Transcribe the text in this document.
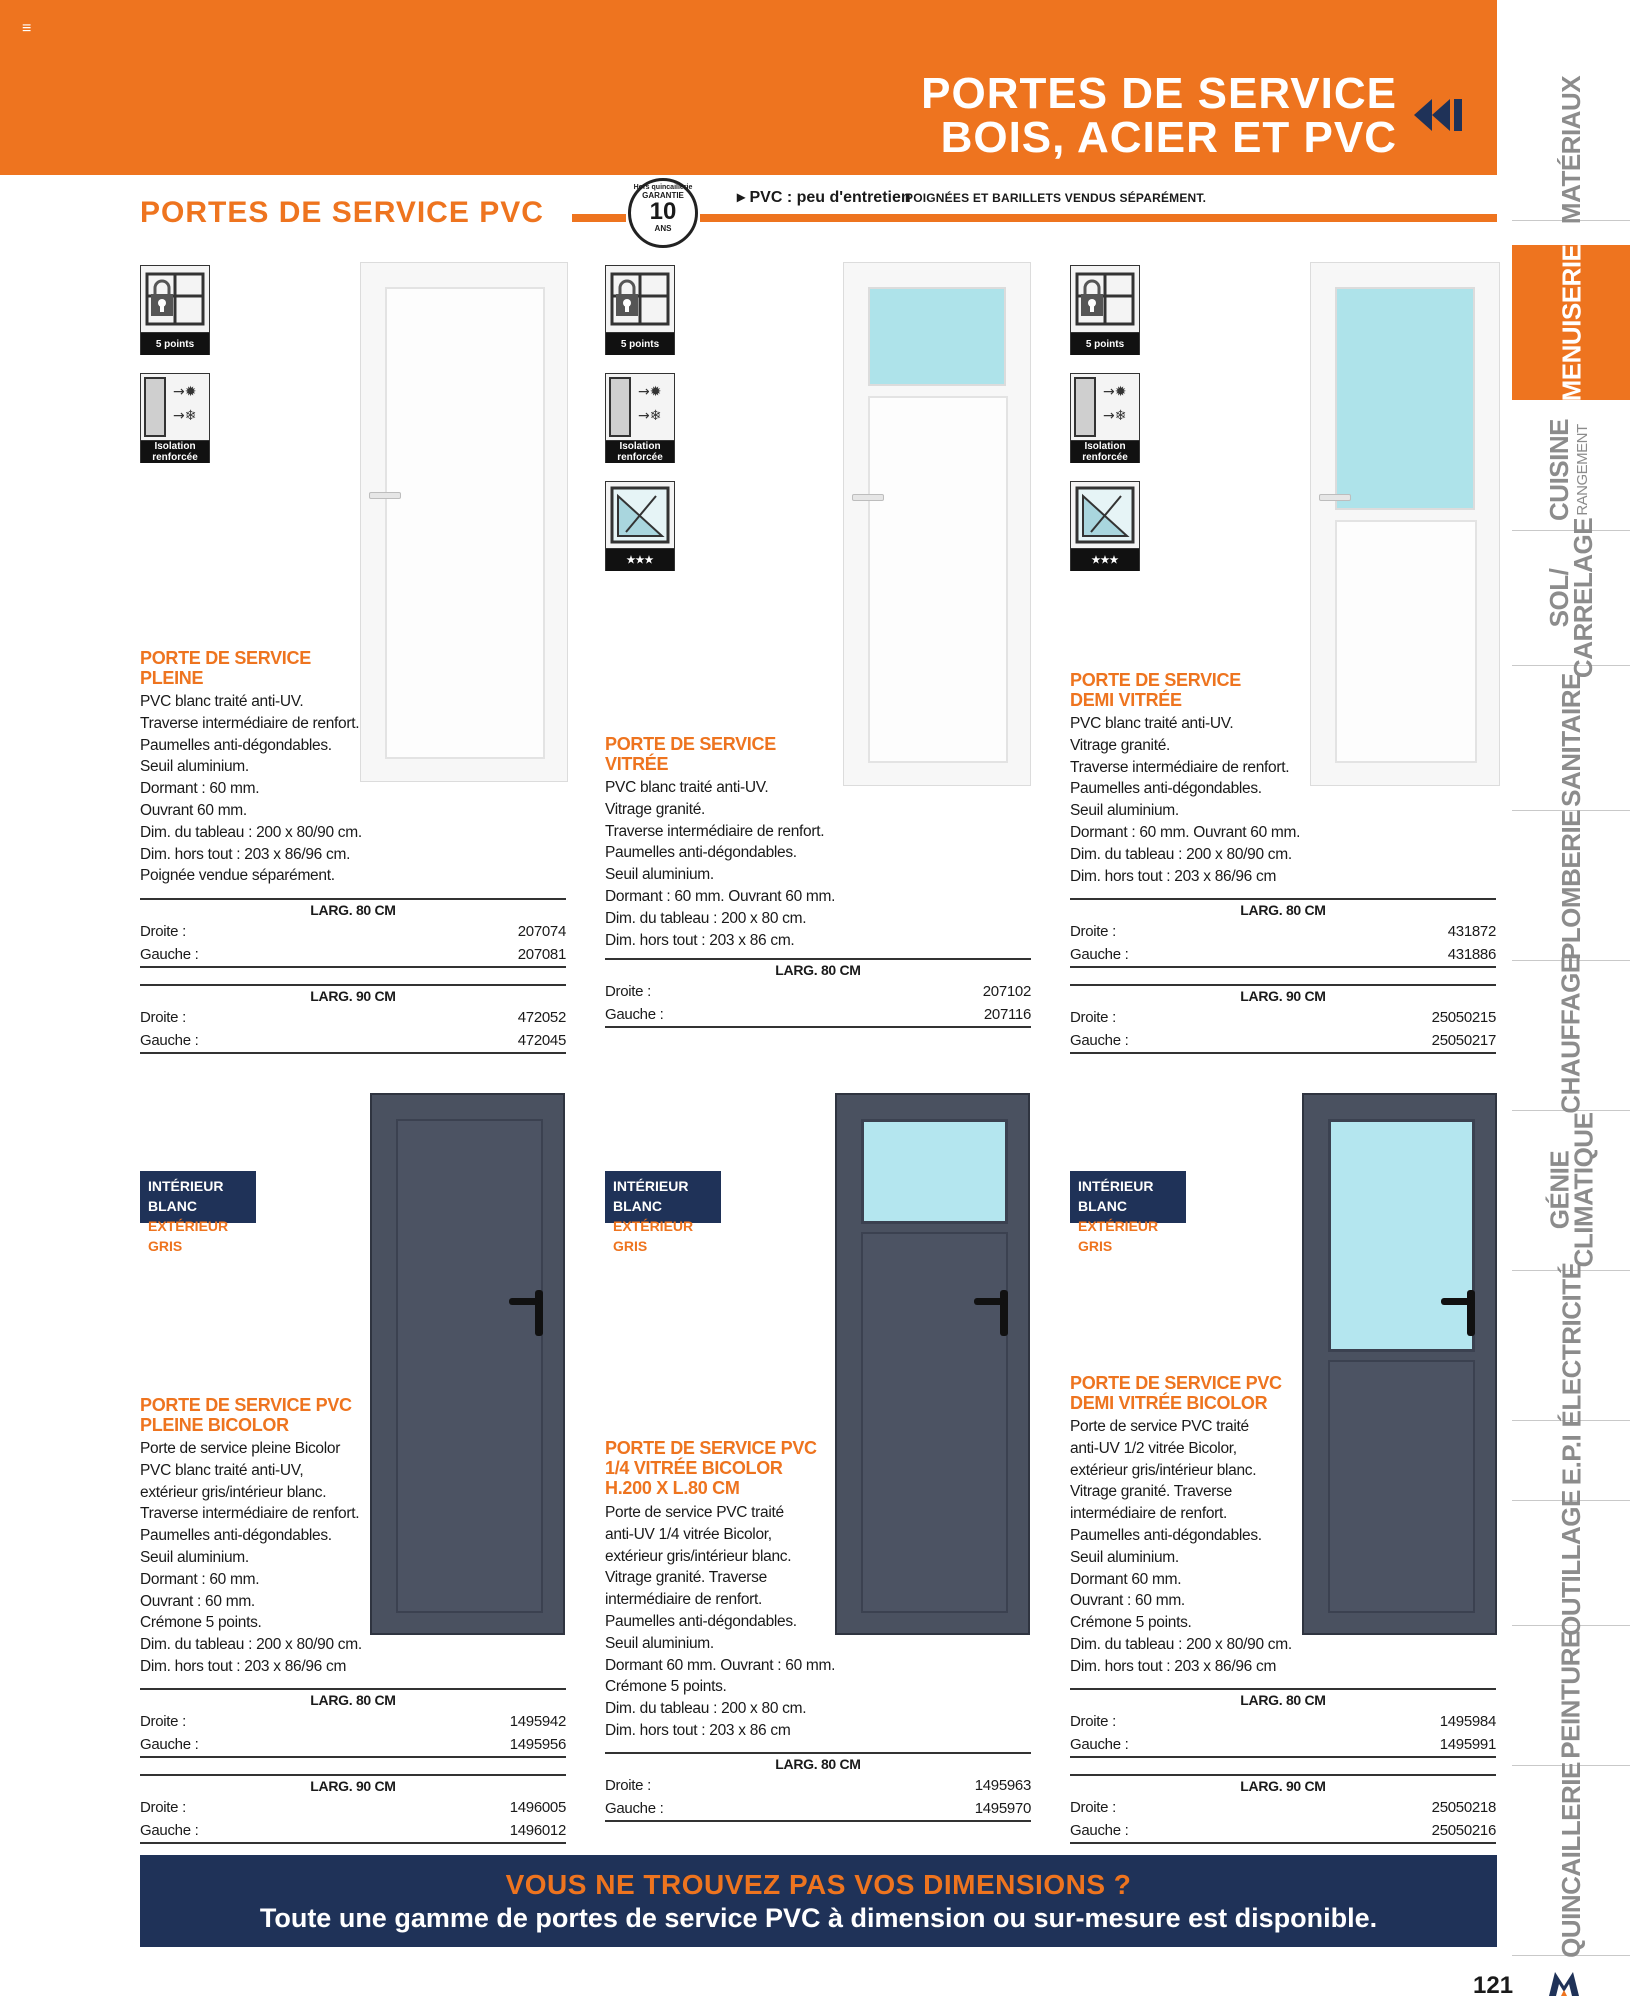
≡
PORTES DE SERVICE
BOIS, ACIER ET PVC	MATÉRIAUX
MENUISERIE
CUISINE RANGEMENT
SOL/
CARRELAGE
SANITAIRE
PLOMBERIE
CHAUFFAGE
GÉNIE
CLIMATIQUE
ÉLECTRICITÉ
E.P.I
OUTILLAGE
PEINTURE
QUINCAILLERIE
PORTES DE SERVICE PVC
Hors quincaillerie
GARANTIE
10
ANS
▸ PVC : peu d'entretien
POIGNÉES ET BARILLETS VENDUS SÉPARÉMENT.
5 points
→✹
→❄
Isolation renforcée
PORTE DE SERVICE
PLEINE
PVC blanc traité anti-UV.
Traverse intermédiaire de renfort.
Paumelles anti-dégondables.
Seuil aluminium.
Dormant : 60 mm.
Ouvrant 60 mm.
Dim. du tableau : 200 x 80/90 cm.
Dim. hors tout : 203 x 86/96 cm.
Poignée vendue séparément.
LARG. 80 CM
Droite :	207074
Gauche :	207081
LARG. 90 CM
Droite :	472052
Gauche :	472045
5 points
→✹
→❄
Isolation renforcée
★★★
PORTE DE SERVICE
VITRÉE
PVC blanc traité anti-UV.
Vitrage granité.
Traverse intermédiaire de renfort.
Paumelles anti-dégondables.
Seuil aluminium.
Dormant : 60 mm. Ouvrant 60 mm.
Dim. du tableau : 200 x 80 cm.
Dim. hors tout : 203 x 86 cm.
LARG. 80 CM
Droite :	207102
Gauche :	207116
5 points
→✹
→❄
Isolation renforcée
★★★
PORTE DE SERVICE
DEMI VITRÉE
PVC blanc traité anti-UV.
Vitrage granité.
Traverse intermédiaire de renfort.
Paumelles anti-dégondables.
Seuil aluminium.
Dormant : 60 mm. Ouvrant 60 mm.
Dim. du tableau : 200 x 80/90 cm.
Dim. hors tout : 203 x 86/96 cm
LARG. 80 CM
Droite :	431872
Gauche :	431886
LARG. 90 CM
Droite :	25050215
Gauche :	25050217
INTÉRIEUR BLANC
EXTÉRIEUR GRIS
PORTE DE SERVICE PVC
PLEINE BICOLOR
Porte de service pleine Bicolor
PVC blanc traité anti-UV,
extérieur gris/intérieur blanc.
Traverse intermédiaire de renfort.
Paumelles anti-dégondables.
Seuil aluminium.
Dormant : 60 mm.
Ouvrant : 60 mm.
Crémone 5 points.
Dim. du tableau : 200 x 80/90 cm.
Dim. hors tout : 203 x 86/96 cm
LARG. 80 CM
Droite :	1495942
Gauche :	1495956
LARG. 90 CM
Droite :	1496005
Gauche :	1496012
INTÉRIEUR BLANC
EXTÉRIEUR GRIS
PORTE DE SERVICE PVC
1/4 VITRÉE BICOLOR
H.200 X L.80 CM
Porte de service PVC traité
anti-UV 1/4 vitrée Bicolor,
extérieur gris/intérieur blanc.
Vitrage granité. Traverse
intermédiaire de renfort.
Paumelles anti-dégondables.
Seuil aluminium.
Dormant 60 mm. Ouvrant : 60 mm.
Crémone 5 points.
Dim. du tableau : 200 x 80 cm.
Dim. hors tout : 203 x 86 cm
LARG. 80 CM
Droite :	1495963
Gauche :	1495970
INTÉRIEUR BLANC
EXTÉRIEUR GRIS
PORTE DE SERVICE PVC
DEMI VITRÉE BICOLOR
Porte de service PVC traité
anti-UV 1/2 vitrée Bicolor,
extérieur gris/intérieur blanc.
Vitrage granité. Traverse
intermédiaire de renfort.
Paumelles anti-dégondables.
Seuil aluminium.
Dormant 60 mm.
Ouvrant : 60 mm.
Crémone 5 points.
Dim. du tableau : 200 x 80/90 cm.
Dim. hors tout : 203 x 86/96 cm
LARG. 80 CM
Droite :	1495984
Gauche :	1495991
LARG. 90 CM
Droite :	25050218
Gauche :	25050216
VOUS NE TROUVEZ PAS VOS DIMENSIONS ?
Toute une gamme de portes de service PVC à dimension ou sur-mesure est disponible.
121
